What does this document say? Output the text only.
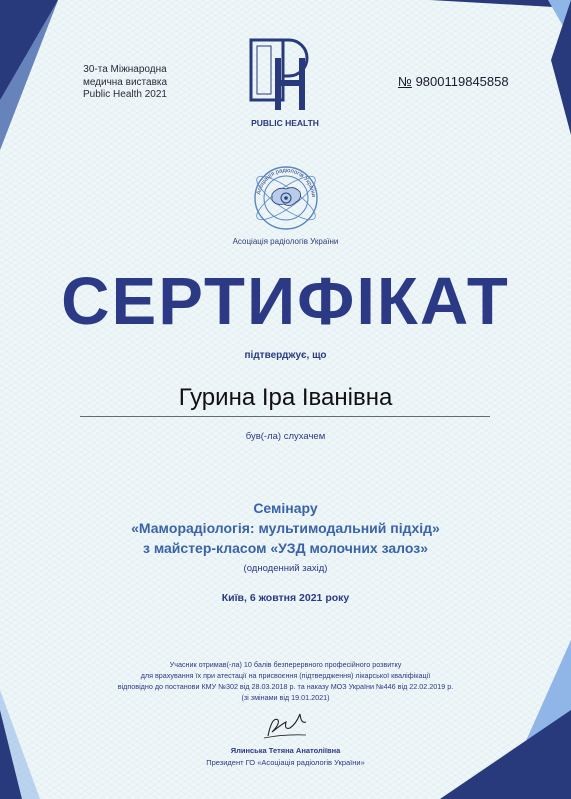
30-та Міжнародна
медична виставка
Public Health 2021
PUBLIC HEALTH
№ 9800119845858
Асоціація радіологів України
Асоціація радіологів України
СЕРТИФІКАТ
підтверджує, що
Гурина Іра Іванівна
був(-ла) слухачем
Семінару
«Мамoрадіологія: мультимодальний підхід»
з майстер-класом «УЗД молочних залоз»
(одноденний захід)
Київ, 6 жовтня 2021 року
Учасник отримав(-ла) 10 балів безперервного професійного розвитку
для врахування їх при атестації на присвоєння (підтвердження) лікарської кваліфікації
відповідно до постанови КМУ №302 від 28.03.2018 р. та наказу МОЗ України №446 від 22.02.2019 р.
(зі змінами від 19.01.2021)
Ялинська Тетяна Анатоліївна
Президент ГО «Асоціація радіологів України»
